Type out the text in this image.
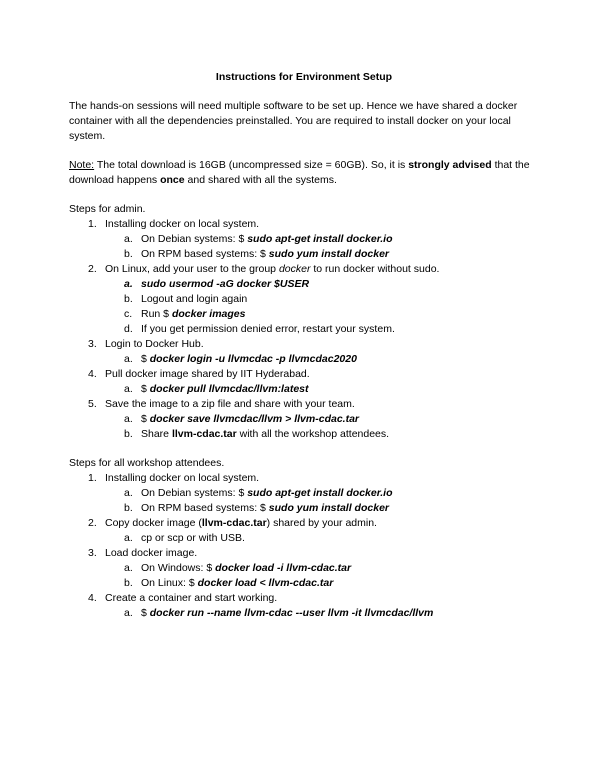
Instructions for Environment Setup

The hands-on sessions will need multiple software to be set up. Hence we have shared a docker container with all the dependencies preinstalled. You are required to install docker on your local system.

Note: The total download is 16GB (uncompressed size = 60GB). So, it is strongly advised that the download happens once and shared with all the systems.

Steps for admin.

1. Installing docker on local system.
a. On Debian systems: $ sudo apt-get install docker.io
b. On RPM based systems: $ sudo yum install docker
2. On Linux, add your user to the group docker to run docker without sudo.
a. sudo usermod -aG docker $USER
b. Logout and login again
c. Run $ docker images
d. If you get permission denied error, restart your system.
3. Login to Docker Hub.
a. $ docker login -u llvmcdac -p llvmcdac2020
4. Pull docker image shared by IIT Hyderabad.
a. $ docker pull llvmcdac/llvm:latest
5. Save the image to a zip file and share with your team.
a. $ docker save llvmcdac/llvm > llvm-cdac.tar
b. Share llvm-cdac.tar with all the workshop attendees.

Steps for all workshop attendees.

1. Installing docker on local system.
a. On Debian systems: $ sudo apt-get install docker.io
b. On RPM based systems: $ sudo yum install docker
2. Copy docker image (llvm-cdac.tar) shared by your admin.
a. cp or scp or with USB.
3. Load docker image.
a. On Windows: $ docker load -i llvm-cdac.tar
b. On Linux: $ docker load < llvm-cdac.tar
4. Create a container and start working.
a. $ docker run --name llvm-cdac --user llvm -it llvmcdac/llvm
